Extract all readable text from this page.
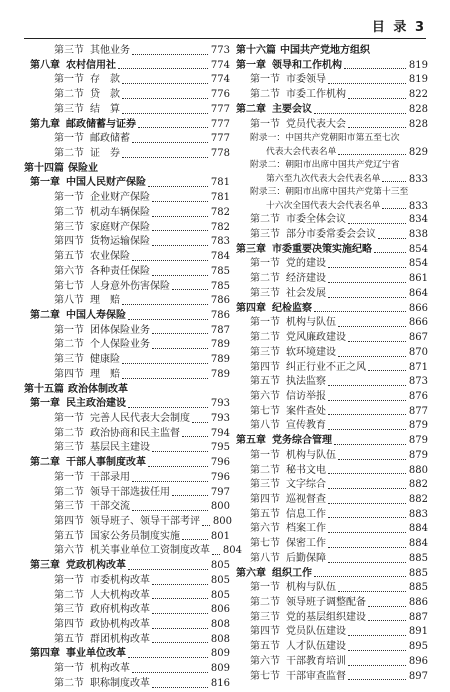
目 录 3
第三节 其他业务	773
第八章 农村信用社	774
第一节 存　款	774
第二节 贷　款	776
第三节 结　算	777
第九章 邮政储蓄与证券	777
第一节 邮政储蓄	777
第二节 证　券	778
第十四篇 保险业
第一章 中国人民财产保险	781
第一节 企业财产保险	781
第二节 机动车辆保险	782
第三节 家庭财产保险	782
第四节 货物运输保险	783
第五节 农业保险	784
第六节 各种责任保险	785
第七节 人身意外伤害保险	785
第八节 理　赔	786
第二章 中国人寿保险	786
第一节 团体保险业务	787
第二节 个人保险业务	789
第三节 健康险	789
第四节 理　赔	789
第十五篇 政治体制改革
第一章 民主政治建设	793
第一节 完善人民代表大会制度 793
第二节 政治协商和民主监督	794
第三节 基层民主建设	795
第二章 干部人事制度改革	796
第一节 干部录用	796
第二节 领导干部选拔任用	797
第三节 干部交流	800
第四节 领导班子、领导干部考评 800
第五节 国家公务员制度实施	801
第六节 机关事业单位工资制度改革 804
第三章 党政机构改革	805
第一节 市委机构改革	805
第二节 人大机构改革	805
第三节 政府机构改革	806
第四节 政协机构改革	808
第五节 群团机构改革	808
第四章 事业单位改革	809
第一节 机构改革	809
第二节 职称制度改革	816
第十六篇 中国共产党地方组织
第一章 领导和工作机构	819
第一节 市委领导	819
第二节 市委工作机构	822
第二章 主要会议	828
第一节 党员代表大会	828
附录一：中国共产党朝阳市第五至七次
代表大会代表名单	829
附录二：朝阳市出席中国共产党辽宁省
第六至九次代表大会代表名单	833
附录三：朝阳市出席中国共产党第十三至
十六次全国代表大会代表名单	833
第二节 市委全体会议	834
第三节 部分市委常委会会议	838
第三章 市委重要决策实施纪略	854
第一节 党的建设	854
第二节 经济建设	861
第三节 社会发展	864
第四章 纪检监察	866
第一节 机构与队伍	866
第二节 党风廉政建设	867
第三节 软环境建设	870
第四节 纠正行业不正之风	871
第五节 执法监察	873
第六节 信访举报	876
第七节 案件查处	877
第八节 宣传教育	879
第五章 党务综合管理	879
第一节 机构与队伍	879
第二节 秘书文电	880
第三节 文字综合	882
第四节 巡视督查	882
第五节 信息工作	883
第六节 档案工作	884
第七节 保密工作	884
第八节 后勤保障	885
第六章 组织工作	885
第一节 机构与队伍	885
第二节 领导班子调整配备	886
第三节 党的基层组织建设	887
第四节 党员队伍建设	891
第五节 人才队伍建设	895
第六节 干部教育培训	896
第七节 干部审查监督	897
